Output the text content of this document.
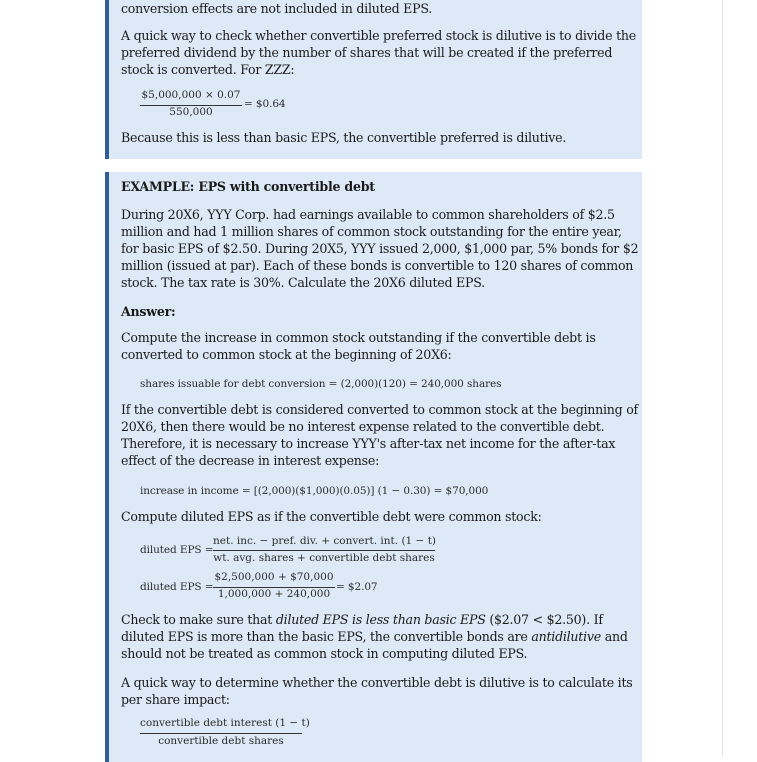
conversion effects are not included in diluted EPS.

A quick way to check whether convertible preferred stock is dilutive is to divide the preferred dividend by the number of shares that will be created if the preferred stock is converted. For ZZZ:

$5,000,000 × 0.07
550,000
= $0.64

Because this is less than basic EPS, the convertible preferred is dilutive.

EXAMPLE: EPS with convertible debt

During 20X6, YYY Corp. had earnings available to common shareholders of $2.5 million and had 1 million shares of common stock outstanding for the entire year, for basic EPS of $2.50. During 20X5, YYY issued 2,000, $1,000 par, 5% bonds for $2 million (issued at par). Each of these bonds is convertible to 120 shares of common stock. The tax rate is 30%. Calculate the 20X6 diluted EPS.

Answer:

Compute the increase in common stock outstanding if the convertible debt is converted to common stock at the beginning of 20X6:

shares issuable for debt conversion = (2,000)(120) = 240,000 shares

If the convertible debt is considered converted to common stock at the beginning of 20X6, then there would be no interest expense related to the convertible debt. Therefore, it is necessary to increase YYY's after-tax net income for the after-tax effect of the decrease in interest expense:

increase in income = [(2,000)($1,000)(0.05)] (1 − 0.30) = $70,000

Compute diluted EPS as if the convertible debt were common stock:

diluted EPS =
net. inc. − pref. div. + convert. int. (1 − t)
wt. avg. shares + convertible debt shares
diluted EPS =
$2,500,000 + $70,000
1,000,000 + 240,000
= $2.07

Check to make sure that diluted EPS is less than basic EPS ($2.07 < $2.50). If diluted EPS is more than the basic EPS, the convertible bonds are antidilutive and should not be treated as common stock in computing diluted EPS.

A quick way to determine whether the convertible debt is dilutive is to calculate its per share impact:

convertible debt interest (1 − t)
convertible debt shares
